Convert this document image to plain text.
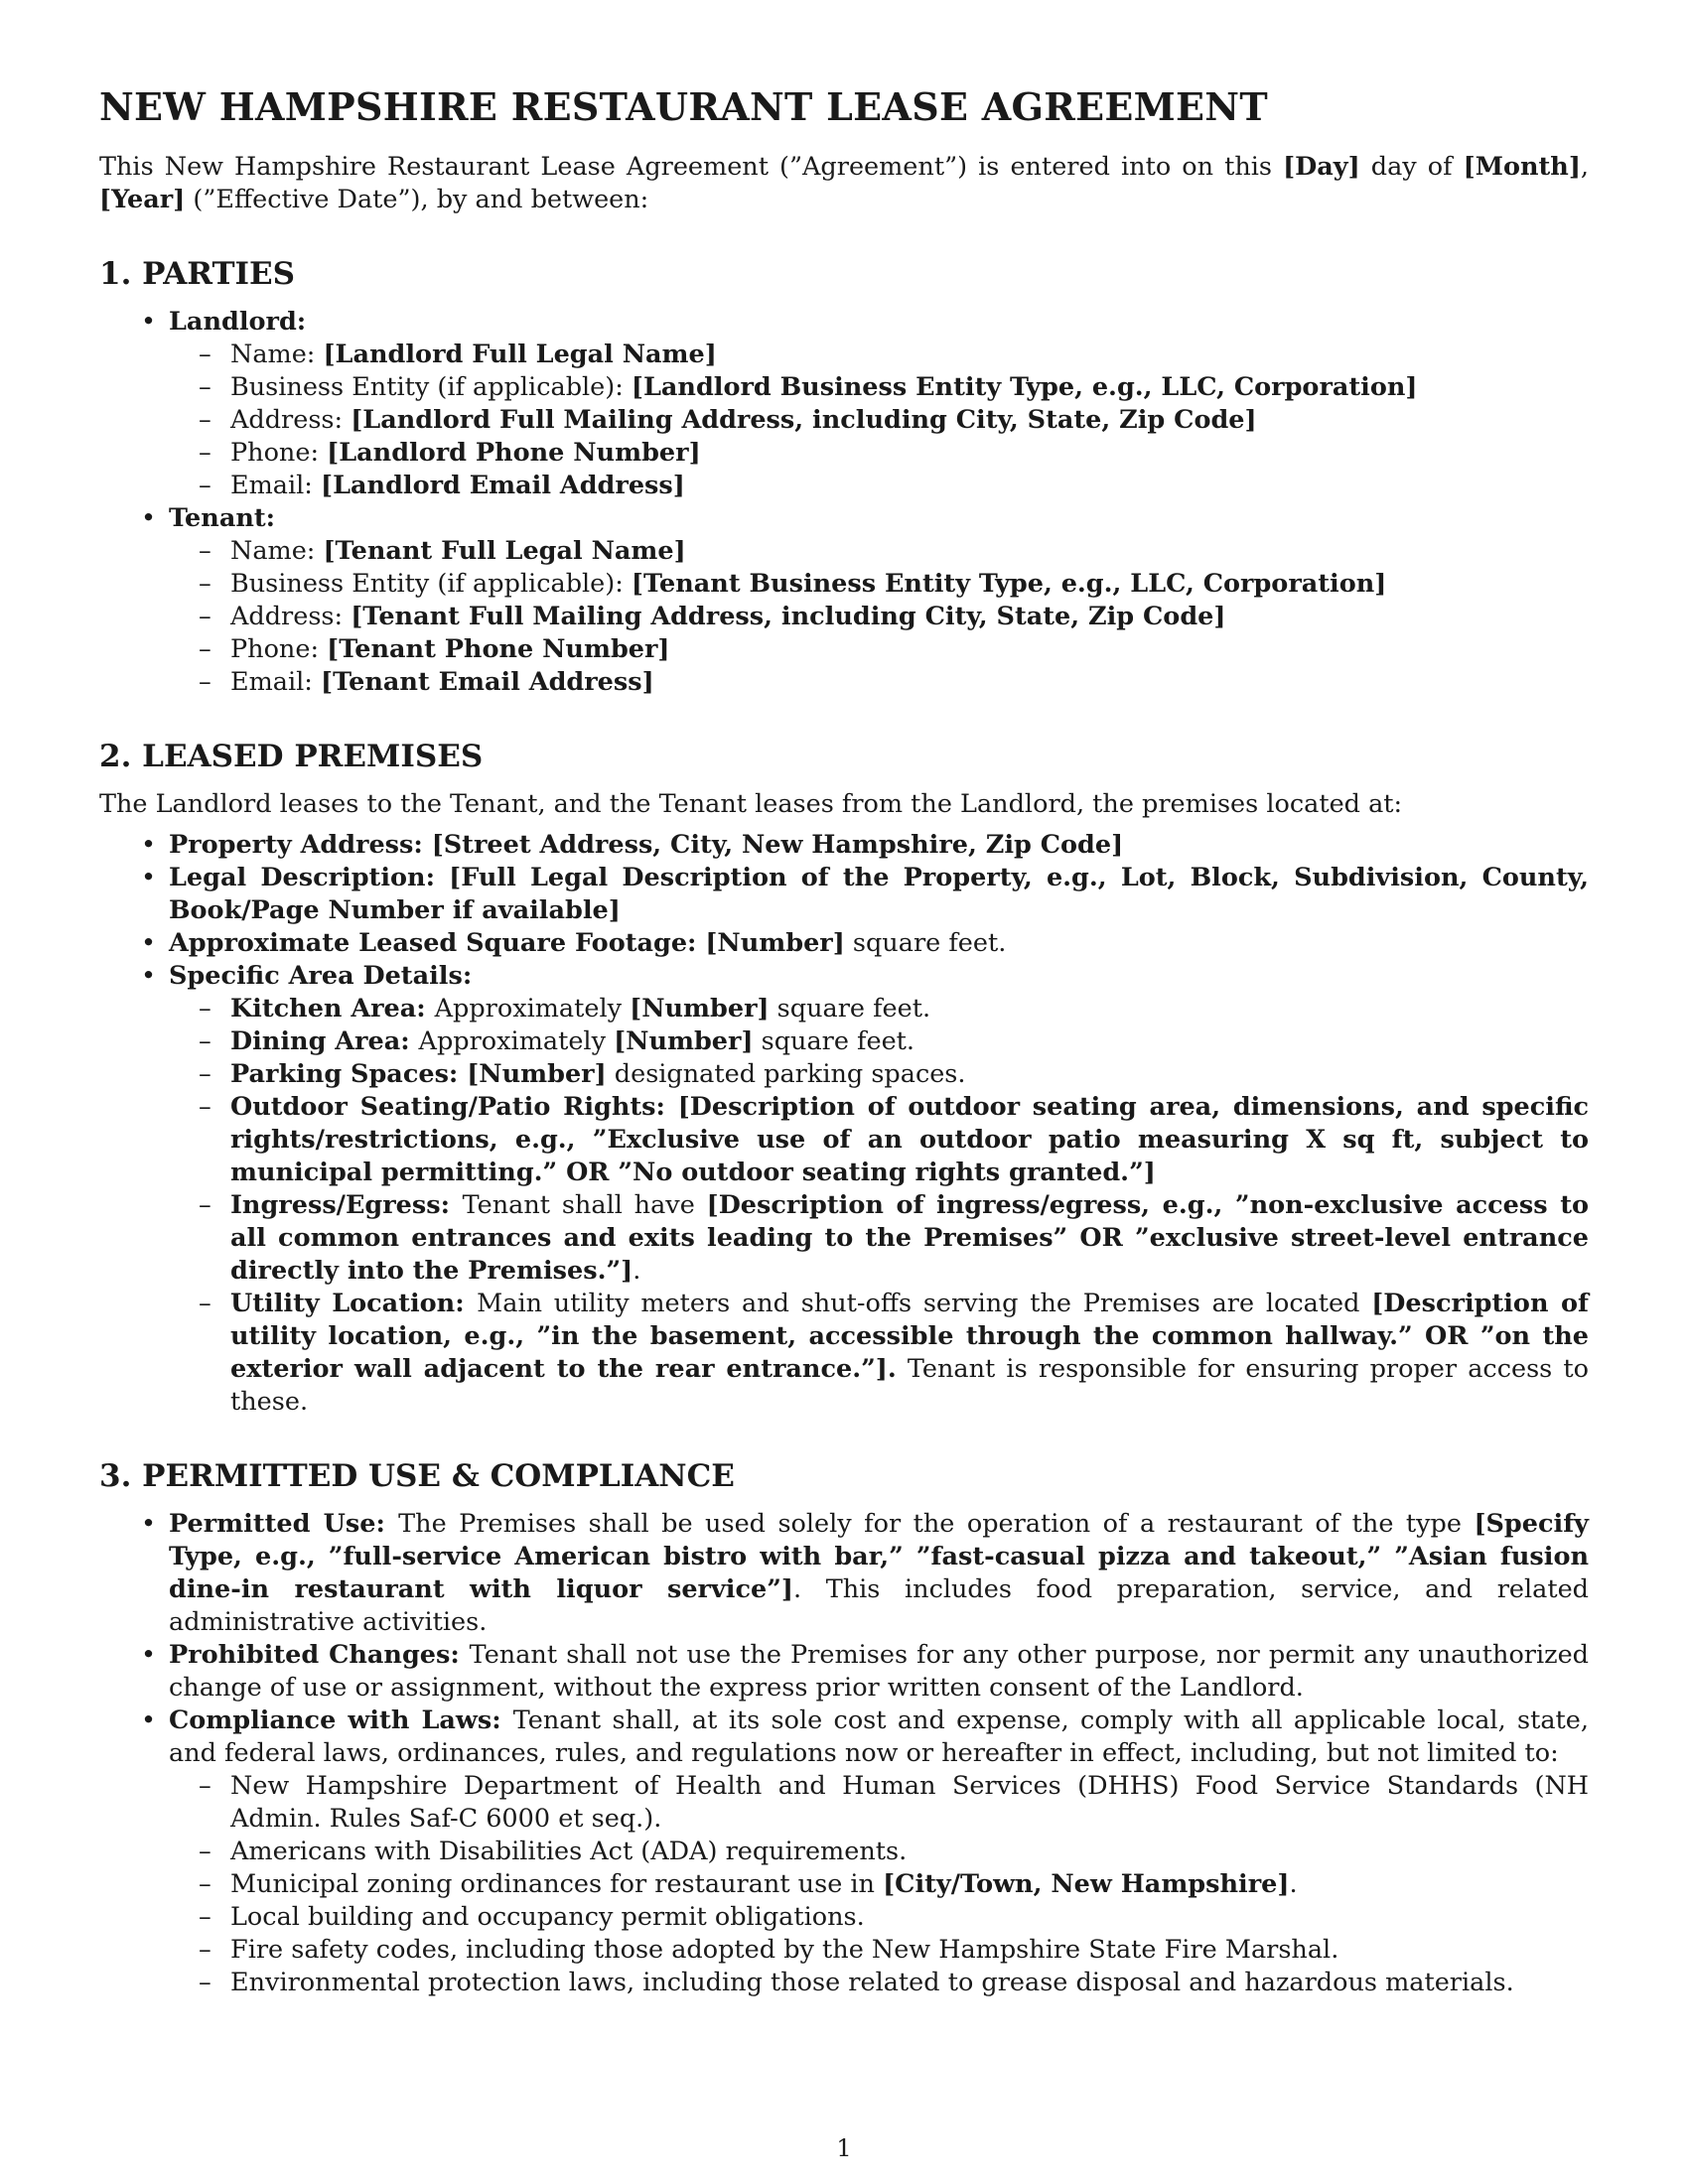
NEW HAMPSHIRE RESTAURANT LEASE AGREEMENT

This New Hampshire Restaurant Lease Agreement (”Agreement”) is entered into on this [Day] day of [Month], [Year] (”Effective Date”), by and between:

1. PARTIES
• Landlord:
– Name: [Landlord Full Legal Name]
– Business Entity (if applicable): [Landlord Business Entity Type, e.g., LLC, Corporation]
– Address: [Landlord Full Mailing Address, including City, State, Zip Code]
– Phone: [Landlord Phone Number]
– Email: [Landlord Email Address]
• Tenant:
– Name: [Tenant Full Legal Name]
– Business Entity (if applicable): [Tenant Business Entity Type, e.g., LLC, Corporation]
– Address: [Tenant Full Mailing Address, including City, State, Zip Code]
– Phone: [Tenant Phone Number]
– Email: [Tenant Email Address]
2. LEASED PREMISES

The Landlord leases to the Tenant, and the Tenant leases from the Landlord, the premises located at:

• Property Address: [Street Address, City, New Hampshire, Zip Code]
• Legal Description: [Full Legal Description of the Property, e.g., Lot, Block, Subdivision, County, Book/Page Number if available]
• Approximate Leased Square Footage: [Number] square feet.
• Specific Area Details:
– Kitchen Area: Approximately [Number] square feet.
– Dining Area: Approximately [Number] square feet.
– Parking Spaces: [Number] designated parking spaces.
– Outdoor Seating/Patio Rights: [Description of outdoor seating area, dimensions, and specific rights/restrictions, e.g., ”Exclusive use of an outdoor patio measuring X sq ft, subject to municipal permitting.” OR ”No outdoor seating rights granted.”]
– Ingress/Egress: Tenant shall have [Description of ingress/egress, e.g., ”non-exclusive access to all common entrances and exits leading to the Premises” OR ”exclusive street-level entrance directly into the Premises.”].
– Utility Location: Main utility meters and shut-offs serving the Premises are located [Description of utility location, e.g., ”in the basement, accessible through the common hallway.” OR ”on the exterior wall adjacent to the rear entrance.”]. Tenant is responsible for ensuring proper access to these.
3. PERMITTED USE & COMPLIANCE
• Permitted Use: The Premises shall be used solely for the operation of a restaurant of the type [Specify Type, e.g., ”full-service American bistro with bar,” ”fast-casual pizza and takeout,” ”Asian fusion dine-in restaurant with liquor service”]. This includes food preparation, service, and related administrative activities.
• Prohibited Changes: Tenant shall not use the Premises for any other purpose, nor permit any unauthorized change of use or assignment, without the express prior written consent of the Landlord.
• Compliance with Laws: Tenant shall, at its sole cost and expense, comply with all applicable local, state, and federal laws, ordinances, rules, and regulations now or hereafter in effect, including, but not limited to:
– New Hampshire Department of Health and Human Services (DHHS) Food Service Standards (NH Admin. Rules Saf-C 6000 et seq.).
– Americans with Disabilities Act (ADA) requirements.
– Municipal zoning ordinances for restaurant use in [City/Town, New Hampshire].
– Local building and occupancy permit obligations.
– Fire safety codes, including those adopted by the New Hampshire State Fire Marshal.
– Environmental protection laws, including those related to grease disposal and hazardous materials.
1
